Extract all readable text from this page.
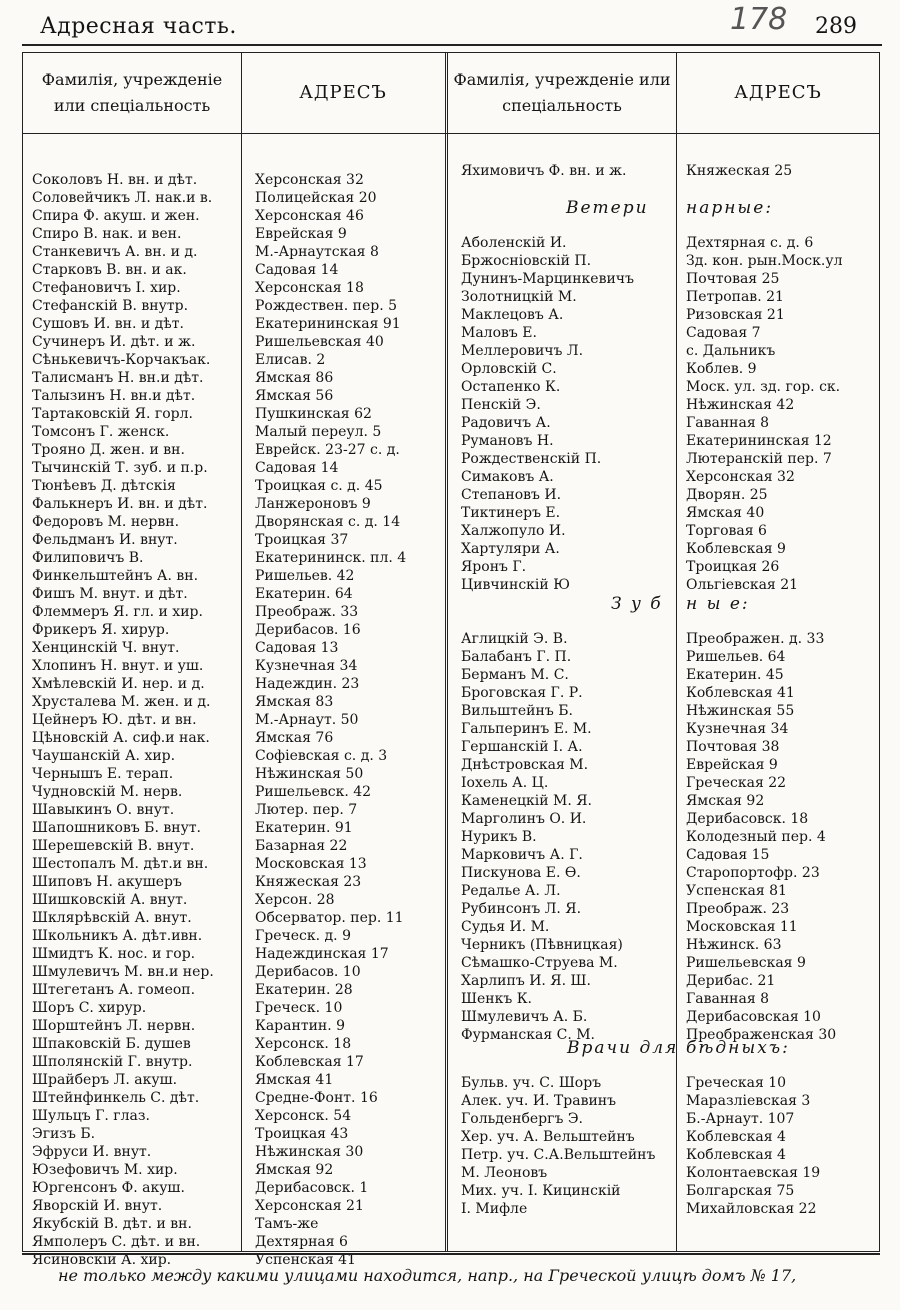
Адресная часть.	178 289
Фамилія, учрежденіе или спеціальность
АДРЕСЪ
Фамилія, учрежденіе или спеціальность
АДРЕСЪ
Соколовъ Н. вн. и дѣт.
Соловейчикъ Л. нак.и в.
Спира Ф. акуш. и жен.
Спиро В. нак. и вен.
Станкевичъ А. вн. и д.
Старковъ В. вн. и ак.
Стефановичъ І. хир.
Стефанскій В. внутр.
Сушовъ И. вн. и дѣт.
Сучинеръ И. дѣт. и ж.
Сѣнькевичъ-Корчакъак.
Талисманъ Н. вн.и дѣт.
Талызинъ Н. вн.и дѣт.
Тартаковскій Я. горл.
Томсонъ Г. женск.
Трояно Д. жен. и вн.
Тычинскій Т. зуб. и п.р.
Тюнѣевъ Д. дѣтскія
Фалькнеръ И. вн. и дѣт.
Федоровъ М. нервн.
Фельдманъ И. внут.
Филиповичъ В.
Финкельштейнъ А. вн.
Фишъ М. внут. и дѣт.
Флеммеръ Я. гл. и хир.
Фрикеръ Я. хирур.
Хенцинскій Ч. внут.
Хлопинъ Н. внут. и уш.
Хмѣлевскій И. нер. и д.
Хрусталева М. жен. и д.
Цейнеръ Ю. дѣт. и вн.
Цѣновскій А. сиф.и нак.
Чаушанскій А. хир.
Чернышъ Е. терап.
Чудновскій М. нерв.
Шавыкинъ О. внут.
Шапошниковъ Б. внут.
Шерешевскій В. внут.
Шестопалъ М. дѣт.и вн.
Шиповъ Н. акушеръ
Шишковскій А. внут.
Шклярѣвскій А. внут.
Школьникъ А. дѣт.ивн.
Шмидтъ К. нос. и гор.
Шмулевичъ М. вн.и нер.
Штегетанъ А. гомеоп.
Шоръ С. хирур.
Шорштейнъ Л. нервн.
Шпаковскій Б. душев
Шполянскій Г. внутр.
Шрайберъ Л. акуш.
Штейнфинкель С. дѣт.
Шульцъ Г. глаз.
Эгизъ Б.
Эфруси И. внут.
Юзефовичъ М. хир.
Юргенсонъ Ф. акуш.
Яворскій И. внут.
Якубскій В. дѣт. и вн.
Ямполеръ С. дѣт. и вн.
Ясиновскій А. хир.
Херсонская 32
Полицейская 20
Херсонская 46
Еврейская 9
М.-Арнаутская 8
Садовая 14
Херсонская 18
Рождествен. пер. 5
Екатерининская 91
Ришельевская 40
Елисав. 2
Ямская 86
Ямская 56
Пушкинская 62
Малый переул. 5
Еврейск. 23-27 с. д.
Садовая 14
Троицкая с. д. 45
Ланжероновъ 9
Дворянская с. д. 14
Троицкая 37
Екатерининск. пл. 4
Ришельев. 42
Екатерин. 64
Преображ. 33
Дерибасов. 16
Садовая 13
Кузнечная 34
Надеждин. 23
Ямская 83
М.-Арнаут. 50
Ямская 76
Софіевская с. д. 3
Нѣжинская 50
Ришельевск. 42
Лютер. пер. 7
Екатерин. 91
Базарная 22
Московская 13
Княжеская 23
Херсон. 28
Обсерватор. пер. 11
Греческ. д. 9
Надеждинская 17
Дерибасов. 10
Екатерин. 28
Греческ. 10
Карантин. 9
Херсонск. 18
Коблевская 17
Ямская 41
Средне-Фонт. 16
Херсонск. 54
Троицкая 43
Нѣжинская 30
Ямская 92
Дерибасовск. 1
Херсонская 21
Тамъ-же
Дехтярная 6
Успенская 41
Яхимовичъ Ф. вн. и ж.
Ветери
Аболенскій И.
Бржосніовскій П.
Дунинъ-Марцинкевичъ
Золотницкій М.
Маклецовъ А.
Маловъ Е.
Меллеровичъ Л.
Орловскій С.
Остапенко К.
Пенскій Э.
Радовичъ А.
Румановъ Н.
Рождественскій П.
Симаковъ А.
Степановъ И.
Тиктинеръ Е.
Халжопуло И.
Хартуляри А.
Яронъ Г.
Цивчинскій Ю
З у б
Аглицкій Э. В.
Балабанъ Г. П.
Берманъ М. С.
Броговская Г. Р.
Вильштейнъ Б.
Гальперинъ Е. М.
Гершанскій І. А.
Днѣстровская М.
Іохель А. Ц.
Каменецкій М. Я.
Марголинъ О. И.
Нурикъ В.
Марковичъ А. Г.
Пискунова Е. Ѳ.
Редалье А. Л.
Рубинсонъ Л. Я.
Судья И. М.
Черникъ (Пѣвницкая)
Сѣмашко-Струева М.
Харлипъ И. Я. Ш.
Шенкъ К.
Шмулевичъ А. Б.
Фурманская С. М.
Врачи для
Бульв. уч. С. Шоръ
Алек. уч. И. Травинъ
Гольденбергъ Э.
Хер. уч. А. Вельштейнъ
Петр. уч. С.А.Вельштейнъ
М. Леоновъ
Мих. уч. І. Кицинскій
І. Мифле
Княжеская 25
нарные:
Дехтярная с. д. 6
Зд. кон. рын.Моск.ул
Почтовая 25
Петропав. 21
Ризовская 21
Садовая 7
с. Дальникъ
Коблев. 9
Моск. ул. зд. гор. ск.
Нѣжинская 42
Гаванная 8
Екатерининская 12
Лютеранскій пер. 7
Херсонская 32
Дворян. 25
Ямская 40
Торговая 6
Коблевская 9
Троицкая 26
Ольгіевская 21
н ы е:
Преображен. д. 33
Ришельев. 64
Екатерин. 45
Коблевская 41
Нѣжинская 55
Кузнечная 34
Почтовая 38
Еврейская 9
Греческая 22
Ямская 92
Дерибасовск. 18
Колодезный пер. 4
Садовая 15
Старопортофр. 23
Успенская 81
Преображ. 23
Московская 11
Нѣжинск. 63
Ришельевская 9
Дерибас. 21
Гаванная 8
Дерибасовская 10
Преображенская 30
бѣдныхъ:
Греческая 10
Маразліевская 3
Б.-Арнаут. 107
Коблевская 4
Коблевская 4
Колонтаевская 19
Болгарская 75
Михайловская 22
не только между какими улицами находится, напр., на Греческой улицѣ домъ № 17,
